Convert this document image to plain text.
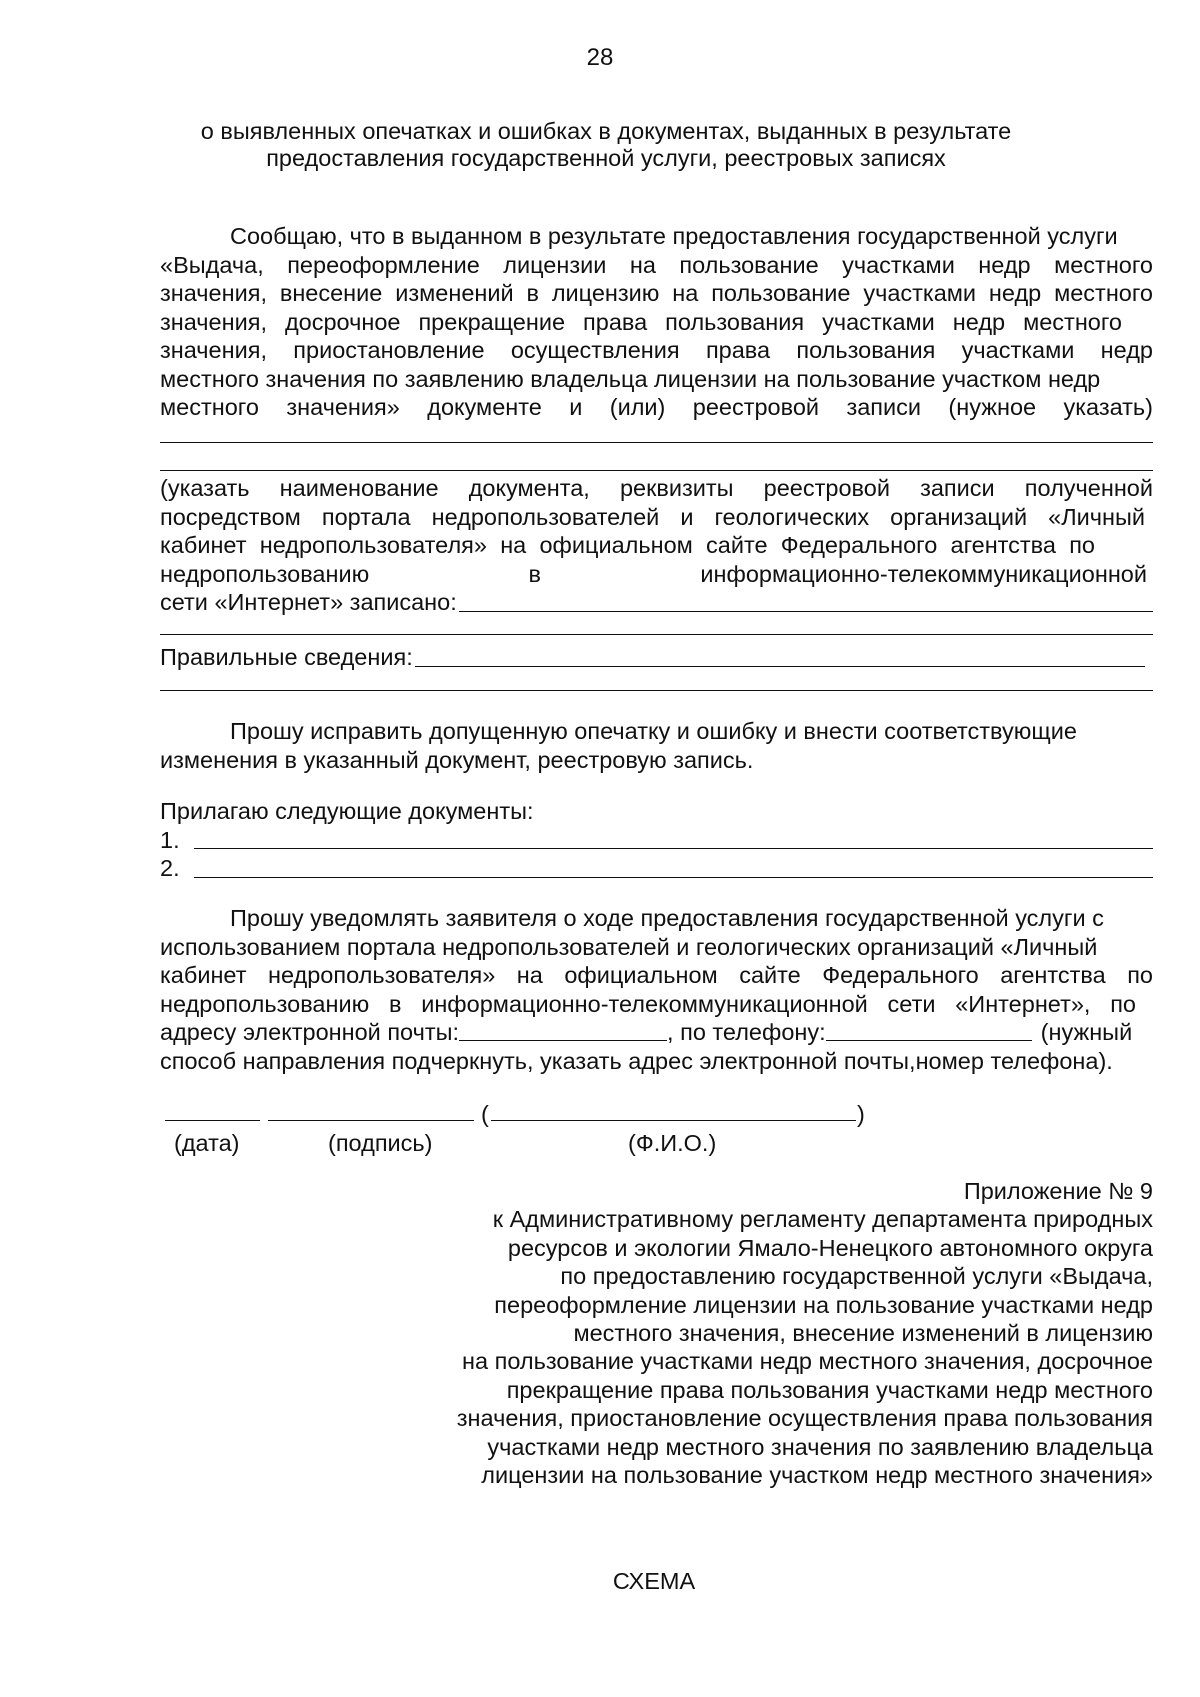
28
о выявленных опечатках и ошибках в документах, выданных в результате
предоставления государственной услуги, реестровых записях
Сообщаю, что в выданном в результате предоставления государственной услуги
«Выдача, переоформление лицензии на пользование участками недр местного
значения, внесение изменений в лицензию на пользование участками недр местного
значения, досрочное прекращение права пользования участками недр местного
значения, приостановление осуществления права пользования участками недр
местного значения по заявлению владельца лицензии на пользование участком недр
местного значения» документе и (или) реестровой записи (нужное указать)
(указать наименование документа, реквизиты реестровой записи полученной
посредством портала недропользователей и геологических организаций «Личный
кабинет недропользователя» на официальном сайте Федерального агентства по
недропользованию в информационно-телекоммуникационной
сети «Интернет» записано:
Правильные сведения:
Прошу исправить допущенную опечатку и ошибку и внести соответствующие
изменения в указанный документ, реестровую запись.
Прилагаю следующие документы:
1.
2.
Прошу уведомлять заявителя о ходе предоставления государственной услуги с
использованием портала недропользователей и геологических организаций «Личный
кабинет недропользователя» на официальном сайте Федерального агентства по
недропользованию в информационно-телекоммуникационной сети «Интернет», по
адресу электронной почты:	, по телефону:	(нужный
способ направления подчеркнуть, указать адрес электронной почты,номер телефона).
(	)
(дата)	(подпись)	(Ф.И.О.)
Приложение № 9
к Административному регламенту департамента природных
ресурсов и экологии Ямало-Ненецкого автономного округа
по предоставлению государственной услуги «Выдача,
переоформление лицензии на пользование участками недр
местного значения, внесение изменений в лицензию
на пользование участками недр местного значения, досрочное
прекращение права пользования участками недр местного
значения, приостановление осуществления права пользования
участками недр местного значения по заявлению владельца
лицензии на пользование участком недр местного значения»
СХЕМА
